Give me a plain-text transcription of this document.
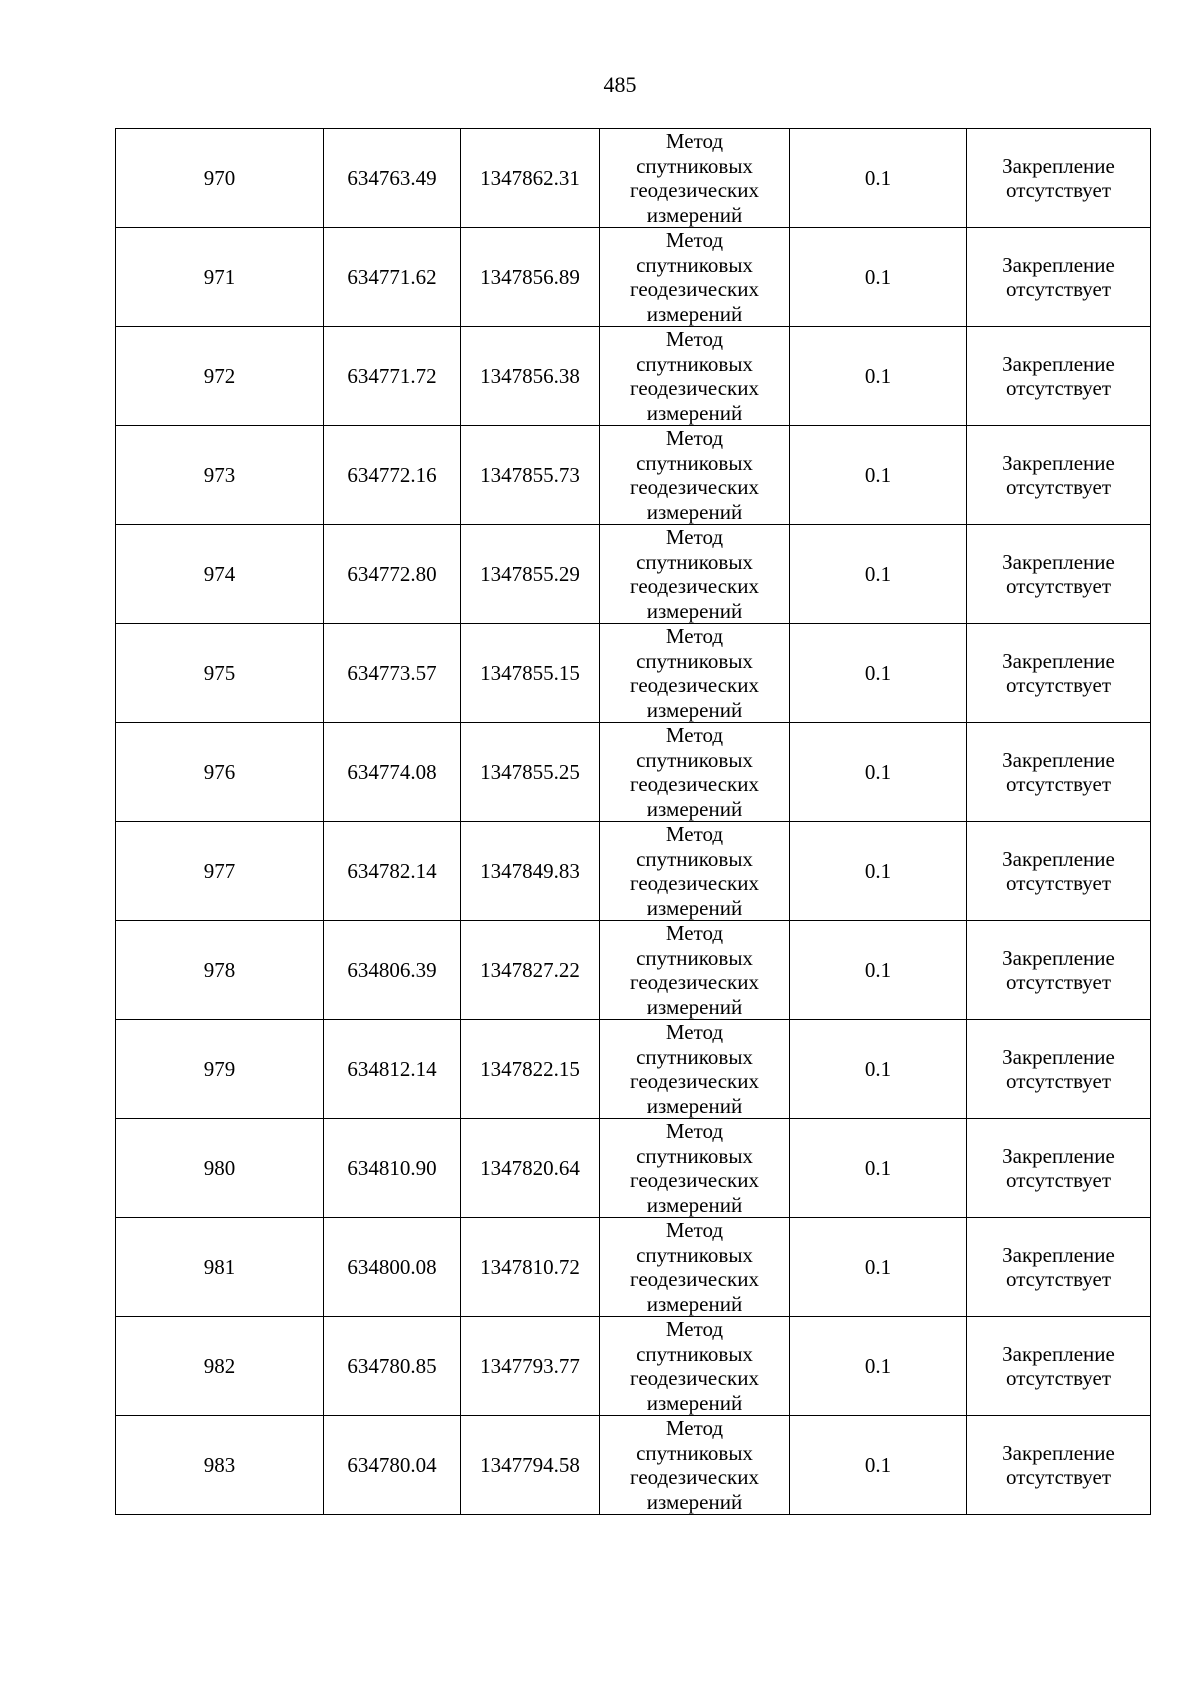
485
970	634763.49	1347862.31	Метод
спутниковых
геодезических
измерений	0.1	Закрепление
отсутствует

971	634771.62	1347856.89	Метод
спутниковых
геодезических
измерений	0.1	Закрепление
отсутствует

972	634771.72	1347856.38	Метод
спутниковых
геодезических
измерений	0.1	Закрепление
отсутствует

973	634772.16	1347855.73	Метод
спутниковых
геодезических
измерений	0.1	Закрепление
отсутствует

974	634772.80	1347855.29	Метод
спутниковых
геодезических
измерений	0.1	Закрепление
отсутствует

975	634773.57	1347855.15	Метод
спутниковых
геодезических
измерений	0.1	Закрепление
отсутствует

976	634774.08	1347855.25	Метод
спутниковых
геодезических
измерений	0.1	Закрепление
отсутствует

977	634782.14	1347849.83	Метод
спутниковых
геодезических
измерений	0.1	Закрепление
отсутствует

978	634806.39	1347827.22	Метод
спутниковых
геодезических
измерений	0.1	Закрепление
отсутствует

979	634812.14	1347822.15	Метод
спутниковых
геодезических
измерений	0.1	Закрепление
отсутствует

980	634810.90	1347820.64	Метод
спутниковых
геодезических
измерений	0.1	Закрепление
отсутствует

981	634800.08	1347810.72	Метод
спутниковых
геодезических
измерений	0.1	Закрепление
отсутствует

982	634780.85	1347793.77	Метод
спутниковых
геодезических
измерений	0.1	Закрепление
отсутствует

983	634780.04	1347794.58	Метод
спутниковых
геодезических
измерений	0.1	Закрепление
отсутствует
